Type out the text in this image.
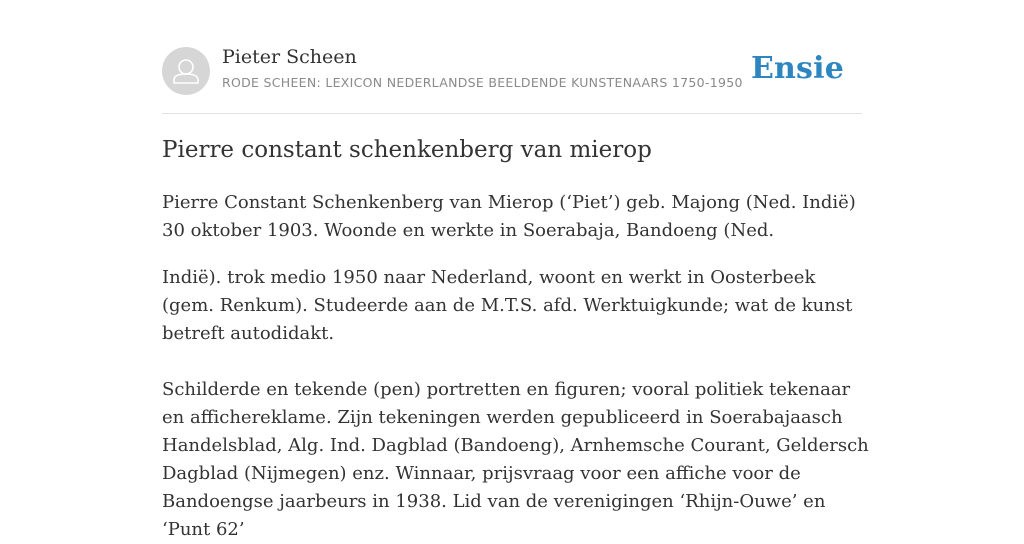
Pieter Scheen
RODE SCHEEN: LEXICON NEDERLANDSE BEELDENDE KUNSTENAARS 1750-1950 Ensie
Pierre constant schenkenberg van mierop

Pierre Constant Schenkenberg van Mierop (‘Piet’) geb. Majong (Ned. Indië) 30 oktober 1903. Woonde en werkte in Soerabaja, Bandoeng (Ned.

Indië). trok medio 1950 naar Nederland, woont en werkt in Oosterbeek (gem. Renkum). Studeerde aan de M.T.S. afd. Werktuigkunde; wat de kunst betreft autodidakt.

Schilderde en tekende (pen) portretten en figuren; vooral politiek tekenaar en affichereklame. Zijn tekeningen werden gepubliceerd in Soerabajaasch Handelsblad, Alg. Ind. Dagblad (Bandoeng), Arnhemsche Courant, Geldersch Dagblad (Nijmegen) enz. Winnaar, prijsvraag voor een affiche voor de Bandoengse jaarbeurs in 1938. Lid van de verenigingen ‘Rhijn-Ouwe’ en ‘Punt 62’
